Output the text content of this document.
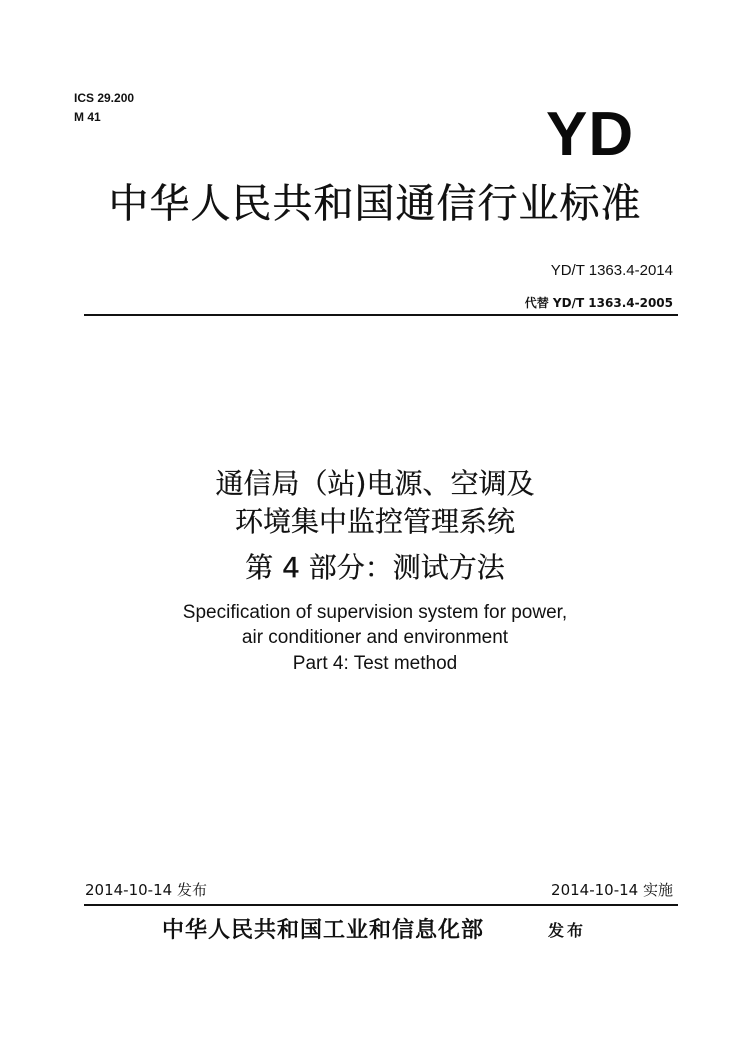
ICS 29.200
M 41	YD
中华人民共和国通信行业标准
YD/T 1363.4-2014
代替 YD/T 1363.4-2005
通信局（站)电源、空调及
环境集中监控管理系统
第 4 部分：测试方法
Specification of supervision system for power,
air conditioner and environment
Part 4: Test method
2014-10-14 发布	2014-10-14 实施
中华人民共和国工业和信息化部	发布
